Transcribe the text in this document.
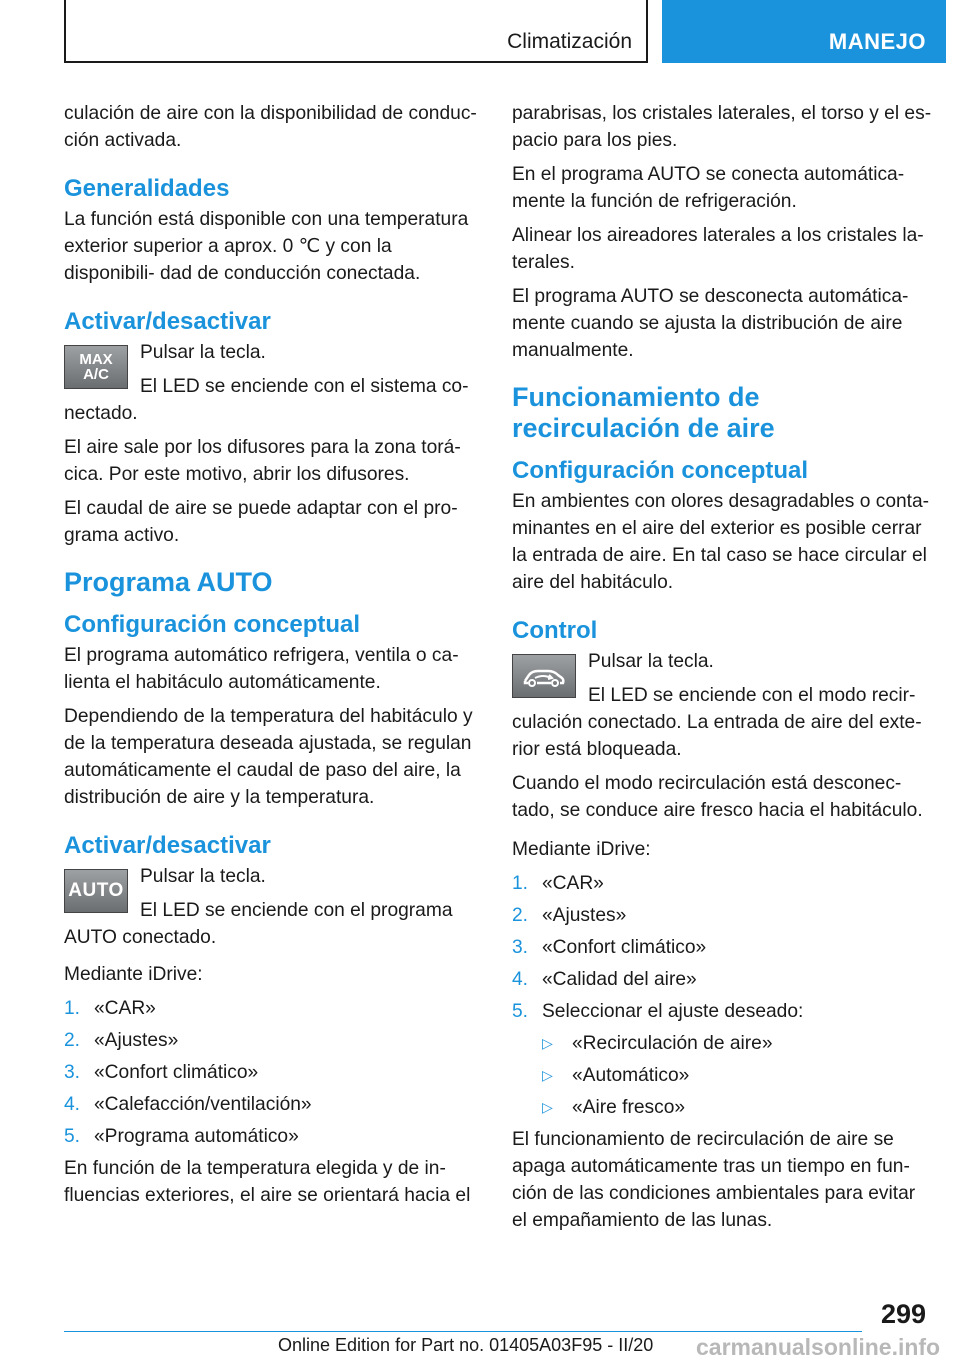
Climatización	MANEJO

culación de aire con la disponibilidad de conduc‐ ción activada.

Generalidades

La función está disponible con una temperatura exterior superior a aprox. 0 ℃ y con la disponibili‐ dad de conducción conectada.

Activar/desactivar
MAX
A/C

Pulsar la tecla.

El LED se enciende con el sistema co‐ nectado.

El aire sale por los difusores para la zona torá‐ cica. Por este motivo, abrir los difusores.

El caudal de aire se puede adaptar con el pro‐ grama activo.

Programa AUTO
Configuración conceptual

El programa automático refrigera, ventila o ca‐ lienta el habitáculo automáticamente.

Dependiendo de la temperatura del habitáculo y de la temperatura deseada ajustada, se regulan automáticamente el caudal de paso del aire, la distribución de aire y la temperatura.

Activar/desactivar
AUTO

Pulsar la tecla.

El LED se enciende con el programa AUTO conectado.

Mediante iDrive:

1. «CAR»
2. «Ajustes»
3. «Confort climático»
4. «Calefacción/ventilación»
5. «Programa automático»

En función de la temperatura elegida y de in‐ fluencias exteriores, el aire se orientará hacia el

parabrisas, los cristales laterales, el torso y el es‐ pacio para los pies.

En el programa AUTO se conecta automática‐ mente la función de refrigeración.

Alinear los aireadores laterales a los cristales la‐ terales.

El programa AUTO se desconecta automática‐ mente cuando se ajusta la distribución de aire manualmente.

Funcionamiento de recirculación de aire
Configuración conceptual

En ambientes con olores desagradables o conta‐ minantes en el aire del exterior es posible cerrar la entrada de aire. En tal caso se hace circular el aire del habitáculo.

Control

Pulsar la tecla.

El LED se enciende con el modo recir‐ culación conectado. La entrada de aire del exte‐ rior está bloqueada.

Cuando el modo recirculación está desconec‐ tado, se conduce aire fresco hacia el habitáculo.

Mediante iDrive:

1. «CAR»
2. «Ajustes»
3. «Confort climático»
4. «Calidad del aire»
5. Seleccionar el ajuste deseado:
▷ «Recirculación de aire»
▷ «Automático»
▷ «Aire fresco»

El funcionamiento de recirculación de aire se apaga automáticamente tras un tiempo en fun‐ ción de las condiciones ambientales para evitar el empañamiento de las lunas.

299
Online Edition for Part no. 01405A03F95 - II/20 carmanualsonline.info
